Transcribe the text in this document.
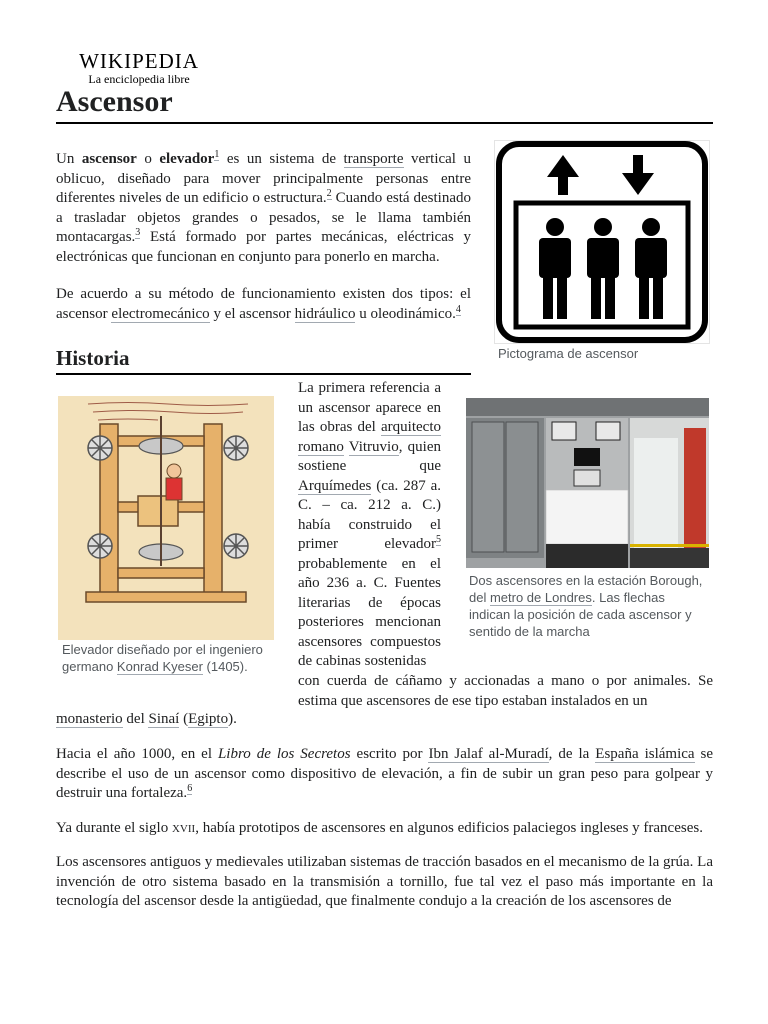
WIKIPEDIA
La enciclopedia libre
Ascensor

Un ascensor o elevador$^1$ es un sistema de transporte vertical u oblicuo, diseñado para mover principalmente personas entre diferentes niveles de un edificio o estructura.$^2$ Cuando está destinado a trasladar objetos grandes o pesados, se le llama también montacargas.$^3$ Está formado por partes mecánicas, eléctricas y electrónicas que funcionan en conjunto para ponerlo en marcha.

De acuerdo a su método de funcionamiento existen dos tipos: el ascensor electromecánico y el ascensor hidráulico u oleodinámico.$^4$

Pictograma de ascensor
Historia
Elevador diseñado por el ingeniero germano Konrad Kyeser (1405).
Dos ascensores en la estación Borough, del metro de Londres. Las flechas indican la posición de cada ascensor y sentido de la marcha

La primera referencia a un ascensor aparece en las obras del arquitecto romano Vitruvio, quien sostiene que Arquímedes (ca. 287 a. C. – ca. 212 a. C.) había construido el primer elevador$^5$ probablemente en el año 236 a. C. Fuentes literarias de épocas posteriores mencionan ascensores compuestos de cabinas sostenidas

con cuerda de cáñamo y accionadas a mano o por animales. Se estima que ascensores de ese tipo estaban instalados en un

monasterio del Sinaí (Egipto).

Hacia el año 1000, en el Libro de los Secretos escrito por Ibn Jalaf al-Muradí, de la España islámica se describe el uso de un ascensor como dispositivo de elevación, a fin de subir un gran peso para golpear y destruir una fortaleza.$^6$

Ya durante el siglo xvii, había prototipos de ascensores en algunos edificios palaciegos ingleses y franceses.

Los ascensores antiguos y medievales utilizaban sistemas de tracción basados en el mecanismo de la grúa. La invención de otro sistema basado en la transmisión a tornillo, fue tal vez el paso más importante en la tecnología del ascensor desde la antigüedad, que finalmente condujo a la creación de los ascensores de
